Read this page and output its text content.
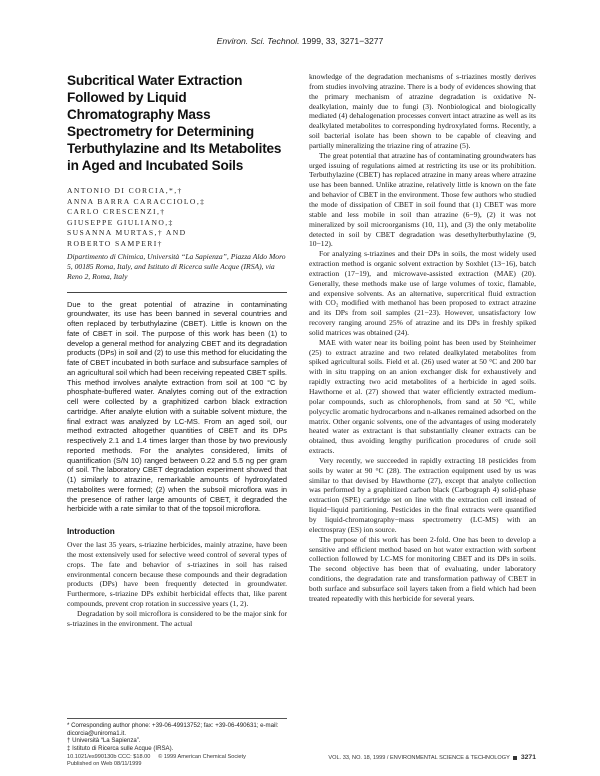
Environ. Sci. Technol. 1999, 33, 3271−3277
Subcritical Water Extraction Followed by Liquid Chromatography Mass Spectrometry for Determining Terbuthylazine and Its Metabolites in Aged and Incubated Soils
ANTONIO DI CORCIA,*,†
ANNA BARRA CARACCIOLO,‡
CARLO CRESCENZI,†
GIUSEPPE GIULIANO,‡
SUSANNA MURTAS,† AND
ROBERTO SAMPERI†
Dipartimento di Chimica, Università “La Sapienza”, Piazza Aldo Moro 5, 00185 Roma, Italy, and Istituto di Ricerca sulle Acque (IRSA), via Reno 2, Roma, Italy

Due to the great potential of atrazine in contaminating groundwater, its use has been banned in several countries and often replaced by terbuthylazine (CBET). Little is known on the fate of CBET in soil. The purpose of this work has been (1) to develop a general method for analyzing CBET and its degradation products (DPs) in soil and (2) to use this method for elucidating the fate of CBET incubated in both surface and subsurface samples of an agricultural soil which had been receiving repeated CBET spills. This method involves analyte extraction from soil at 100 °C by phosphate-buffered water. Analytes coming out of the extraction cell were collected by a graphitized carbon black extraction cartridge. After analyte elution with a suitable solvent mixture, the final extract was analyzed by LC-MS. From an aged soil, our method extracted altogether quantities of CBET and its DPs respectively 2.1 and 1.4 times larger than those by two previously reported methods. For the analytes considered, limits of quantification (S/N 10) ranged between 0.22 and 5.5 ng per gram of soil. The laboratory CBET degradation experiment showed that (1) similarly to atrazine, remarkable amounts of hydroxylated metabolites were formed; (2) when the subsoil microflora was in the presence of rather large amounts of CBET, it degraded the herbicide with a rate similar to that of the topsoil microflora.

Introduction

Over the last 35 years, s-triazine herbicides, mainly atrazine, have been the most extensively used for selective weed control of several types of crops. The fate and behavior of s-triazines in soil has raised environmental concern because these compounds and their degradation products (DPs) have been frequently detected in groundwater. Furthermore, s-triazine DPs exhibit herbicidal effects that, like parent compounds, prevent crop rotation in successive years (1, 2).

Degradation by soil microflora is considered to be the major sink for s-triazines in the environment. The actual

* Corresponding author phone: +39-06-49913752; fax: +39-06-490631; e-mail: dicorcia@uniroma1.it.
† Università “La Sapienza”.
‡ Istituto di Ricerca sulle Acque (IRSA).

knowledge of the degradation mechanisms of s-triazines mostly derives from studies involving atrazine. There is a body of evidences showing that the primary mechanism of atrazine degradation is oxidative N-dealkylation, mainly due to fungi (3). Nonbiological and biologically mediated (4) dehalogenation processes convert intact atrazine as well as its dealkylated metabolites to corresponding hydroxylated forms. Recently, a soil bacterial isolate has been shown to be capable of cleaving and partially mineralizing the triazine ring of atrazine (5).

The great potential that atrazine has of contaminating groundwaters has urged issuing of regulations aimed at restricting its use or its prohibition. Terbuthylazine (CBET) has replaced atrazine in many areas where atrazine use has been banned. Unlike atrazine, relatively little is known on the fate and behavior of CBET in the environment. Those few authors who studied the mode of dissipation of CBET in soil found that (1) CBET was more stable and less mobile in soil than atrazine (6−9), (2) it was not mineralized by soil microorganisms (10, 11), and (3) the only metabolite detected in soil by CBET degradation was desethylterbuthylazine (9, 10−12).

For analyzing s-triazines and their DPs in soils, the most widely used extraction method is organic solvent extraction by Soxhlet (13−16), batch extraction (17−19), and microwave-assisted extraction (MAE) (20). Generally, these methods make use of large volumes of toxic, flamable, and expensive solvents. As an alternative, supercritical fluid extraction with CO₂ modified with methanol has been proposed to extract atrazine and its DPs from soil samples (21−23). However, unsatisfactory low recovery ranging around 25% of atrazine and its DPs in freshly spiked solid matrices was obtained (24).

MAE with water near its boiling point has been used by Steinheimer (25) to extract atrazine and two related dealkylated metabolites from spiked agricultural soils. Field et al. (26) used water at 50 °C and 200 bar with in situ trapping on an anion exchanger disk for exhaustively and rapidly extracting two acid metabolites of a herbicide in aged soils. Hawthorne et al. (27) showed that water efficiently extracted medium-polar compounds, such as chlorophenols, from sand at 50 °C, while polycyclic aromatic hydrocarbons and n-alkanes remained adsorbed on the matrix. Other organic solvents, one of the advantages of using moderately heated water as extractant is that substantially cleaner extracts can be obtained, thus avoiding lengthy purification procedures of crude soil extracts.

Very recently, we succeeded in rapidly extracting 18 pesticides from soils by water at 90 °C (28). The extraction equipment used by us was similar to that devised by Hawthorne (27), except that analyte collection was performed by a graphitized carbon black (Carbograph 4) solid-phase extraction (SPE) cartridge set on line with the extraction cell instead of liquid−liquid partitioning. Pesticides in the final extracts were quantified by liquid-chromatography−mass spectrometry (LC-MS) with an electrospray (ES) ion source.

The purpose of this work has been 2-fold. One has been to develop a sensitive and efficient method based on hot water extraction with sorbent collection followed by LC-MS for monitoring CBET and its DPs in soils. The second objective has been that of evaluating, under laboratory conditions, the degradation rate and transformation pathway of CBET in both surface and subsurface soil layers taken from a field which had been treated repeatedly with this herbicide for several years.

10.1021/es990130b CCC: $18.00 © 1999 American Chemical Society
Published on Web 08/11/1999
VOL. 33, NO. 18, 1999 / ENVIRONMENTAL SCIENCE & TECHNOLOGY 3271
